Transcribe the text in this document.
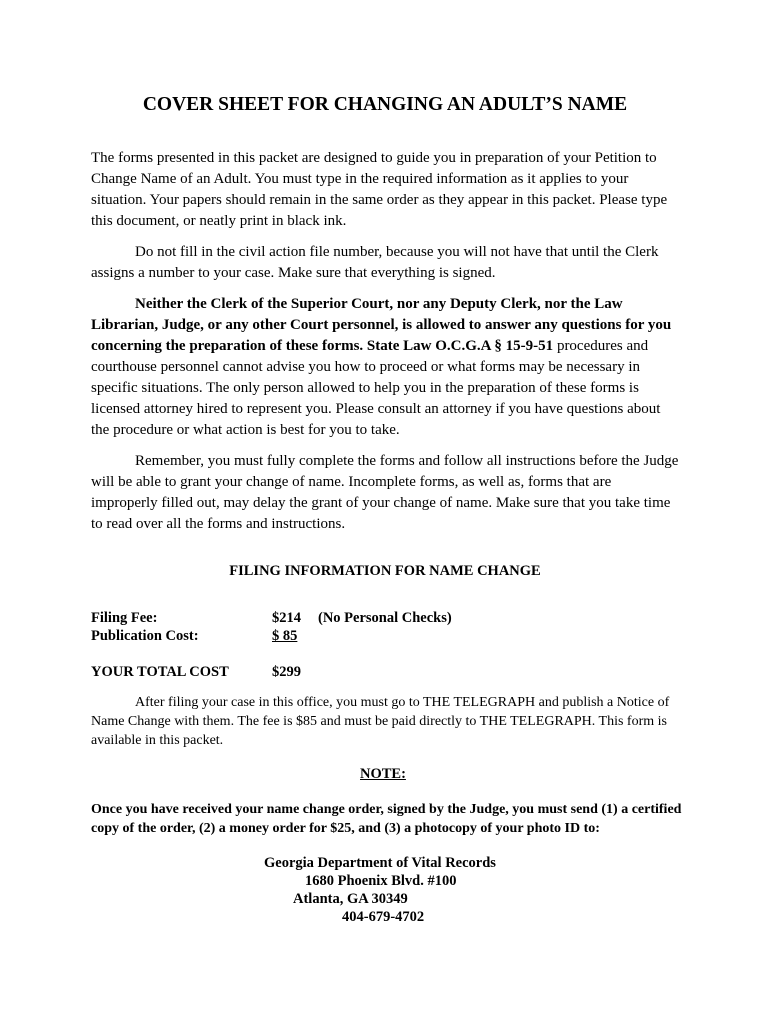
COVER SHEET FOR CHANGING AN ADULT’S NAME

The forms presented in this packet are designed to guide you in preparation of your Petition to Change Name of an Adult. You must type in the required information as it applies to your situation. Your papers should remain in the same order as they appear in this packet. Please type this document, or neatly print in black ink.

Do not fill in the civil action file number, because you will not have that until the Clerk assigns a number to your case. Make sure that everything is signed.

Neither the Clerk of the Superior Court, nor any Deputy Clerk, nor the Law Librarian, Judge, or any other Court personnel, is allowed to answer any questions for you concerning the preparation of these forms. State Law O.C.G.A § 15-9-51 procedures and courthouse personnel cannot advise you how to proceed or what forms may be necessary in specific situations. The only person allowed to help you in the preparation of these forms is licensed attorney hired to represent you. Please consult an attorney if you have questions about the procedure or what action is best for you to take.

Remember, you must fully complete the forms and follow all instructions before the Judge will be able to grant your change of name. Incomplete forms, as well as, forms that are improperly filled out, may delay the grant of your change of name. Make sure that you take time to read over all the forms and instructions.

FILING INFORMATION FOR NAME CHANGE

Filing Fee:	$214 (No Personal Checks)
Publication Cost:	$ 85
YOUR TOTAL COST	$299

After filing your case in this office, you must go to THE TELEGRAPH and publish a Notice of Name Change with them. The fee is $85 and must be paid directly to THE TELEGRAPH. This form is available in this packet.

NOTE:

Once you have received your name change order, signed by the Judge, you must send (1) a certified copy of the order, (2) a money order for $25, and (3) a photocopy of your photo ID to:

Georgia Department of Vital Records

1680 Phoenix Blvd. #100

Atlanta, GA 30349

404-679-4702
